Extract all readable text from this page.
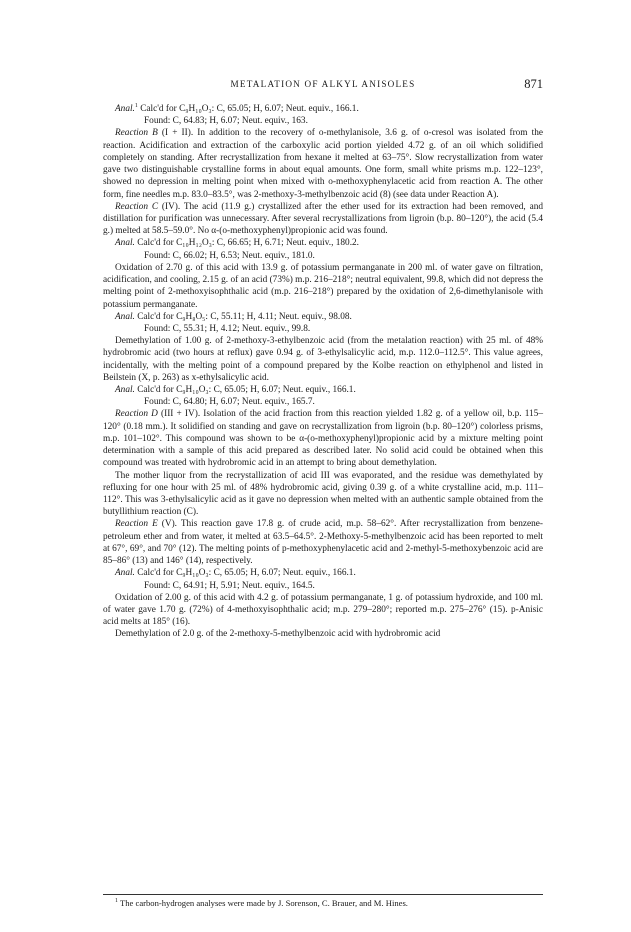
METALATION OF ALKYL ANISOLES	871

Anal.$^1$ Calc'd for C₉H₁₀O₃: C, 65.05; H, 6.07; Neut. equiv., 166.1.

Found: C, 64.83; H, 6.07; Neut. equiv., 163.

Reaction B (I + II). In addition to the recovery of o-methylanisole, 3.6 g. of o-cresol was isolated from the reaction. Acidification and extraction of the carboxylic acid portion yielded 4.72 g. of an oil which solidified completely on standing. After recrystallization from hexane it melted at 63–75°. Slow recrystallization from water gave two distinguishable crystalline forms in about equal amounts. One form, small white prisms m.p. 122–123°, showed no depression in melting point when mixed with o-methoxyphenylacetic acid from reaction A. The other form, fine needles m.p. 83.0–83.5°, was 2-methoxy-3-methylbenzoic acid (8) (see data under Reaction A).

Reaction C (IV). The acid (11.9 g.) crystallized after the ether used for its extraction had been removed, and distillation for purification was unnecessary. After several recrystallizations from ligroin (b.p. 80–120°), the acid (5.4 g.) melted at 58.5–59.0°. No α-(o-methoxyphenyl)propionic acid was found.

Anal. Calc'd for C₁₀H₁₂O₃: C, 66.65; H, 6.71; Neut. equiv., 180.2.

Found: C, 66.02; H, 6.53; Neut. equiv., 181.0.

Oxidation of 2.70 g. of this acid with 13.9 g. of potassium permanganate in 200 ml. of water gave on filtration, acidification, and cooling, 2.15 g. of an acid (73%) m.p. 216–218°; neutral equivalent, 99.8, which did not depress the melting point of 2-methoxyisophthalic acid (m.p. 216–218°) prepared by the oxidation of 2,6-dimethylanisole with potassium permanganate.

Anal. Calc'd for C₉H₈O₅: C, 55.11; H, 4.11; Neut. equiv., 98.08.

Found: C, 55.31; H, 4.12; Neut. equiv., 99.8.

Demethylation of 1.00 g. of 2-methoxy-3-ethylbenzoic acid (from the metalation reaction) with 25 ml. of 48% hydrobromic acid (two hours at reflux) gave 0.94 g. of 3-ethylsalicylic acid, m.p. 112.0–112.5°. This value agrees, incidentally, with the melting point of a compound prepared by the Kolbe reaction on ethylphenol and listed in Beilstein (X, p. 263) as x-ethylsalicylic acid.

Anal. Calc'd for C₉H₁₀O₃: C, 65.05; H, 6.07; Neut. equiv., 166.1.

Found: C, 64.80; H, 6.07; Neut. equiv., 165.7.

Reaction D (III + IV). Isolation of the acid fraction from this reaction yielded 1.82 g. of a yellow oil, b.p. 115–120° (0.18 mm.). It solidified on standing and gave on recrystallization from ligroin (b.p. 80–120°) colorless prisms, m.p. 101–102°. This compound was shown to be α-(o-methoxyphenyl)propionic acid by a mixture melting point determination with a sample of this acid prepared as described later. No solid acid could be obtained when this compound was treated with hydrobromic acid in an attempt to bring about demethylation.

The mother liquor from the recrystallization of acid III was evaporated, and the residue was demethylated by refluxing for one hour with 25 ml. of 48% hydrobromic acid, giving 0.39 g. of a white crystalline acid, m.p. 111–112°. This was 3-ethylsalicylic acid as it gave no depression when melted with an authentic sample obtained from the butyllithium reaction (C).

Reaction E (V). This reaction gave 17.8 g. of crude acid, m.p. 58–62°. After recrystallization from benzene-petroleum ether and from water, it melted at 63.5–64.5°. 2-Methoxy-5-methylbenzoic acid has been reported to melt at 67°, 69°, and 70° (12). The melting points of p-methoxyphenylacetic acid and 2-methyl-5-methoxybenzoic acid are 85–86° (13) and 146° (14), respectively.

Anal. Calc'd for C₉H₁₀O₃: C, 65.05; H, 6.07; Neut. equiv., 166.1.

Found: C, 64.91; H, 5.91; Neut. equiv., 164.5.

Oxidation of 2.00 g. of this acid with 4.2 g. of potassium permanganate, 1 g. of potassium hydroxide, and 100 ml. of water gave 1.70 g. (72%) of 4-methoxyisophthalic acid; m.p. 279–280°; reported m.p. 275–276° (15). p-Anisic acid melts at 185° (16).

Demethylation of 2.0 g. of the 2-methoxy-5-methylbenzoic acid with hydrobromic acid

$^1$ The carbon-hydrogen analyses were made by J. Sorenson, C. Brauer, and M. Hines.
